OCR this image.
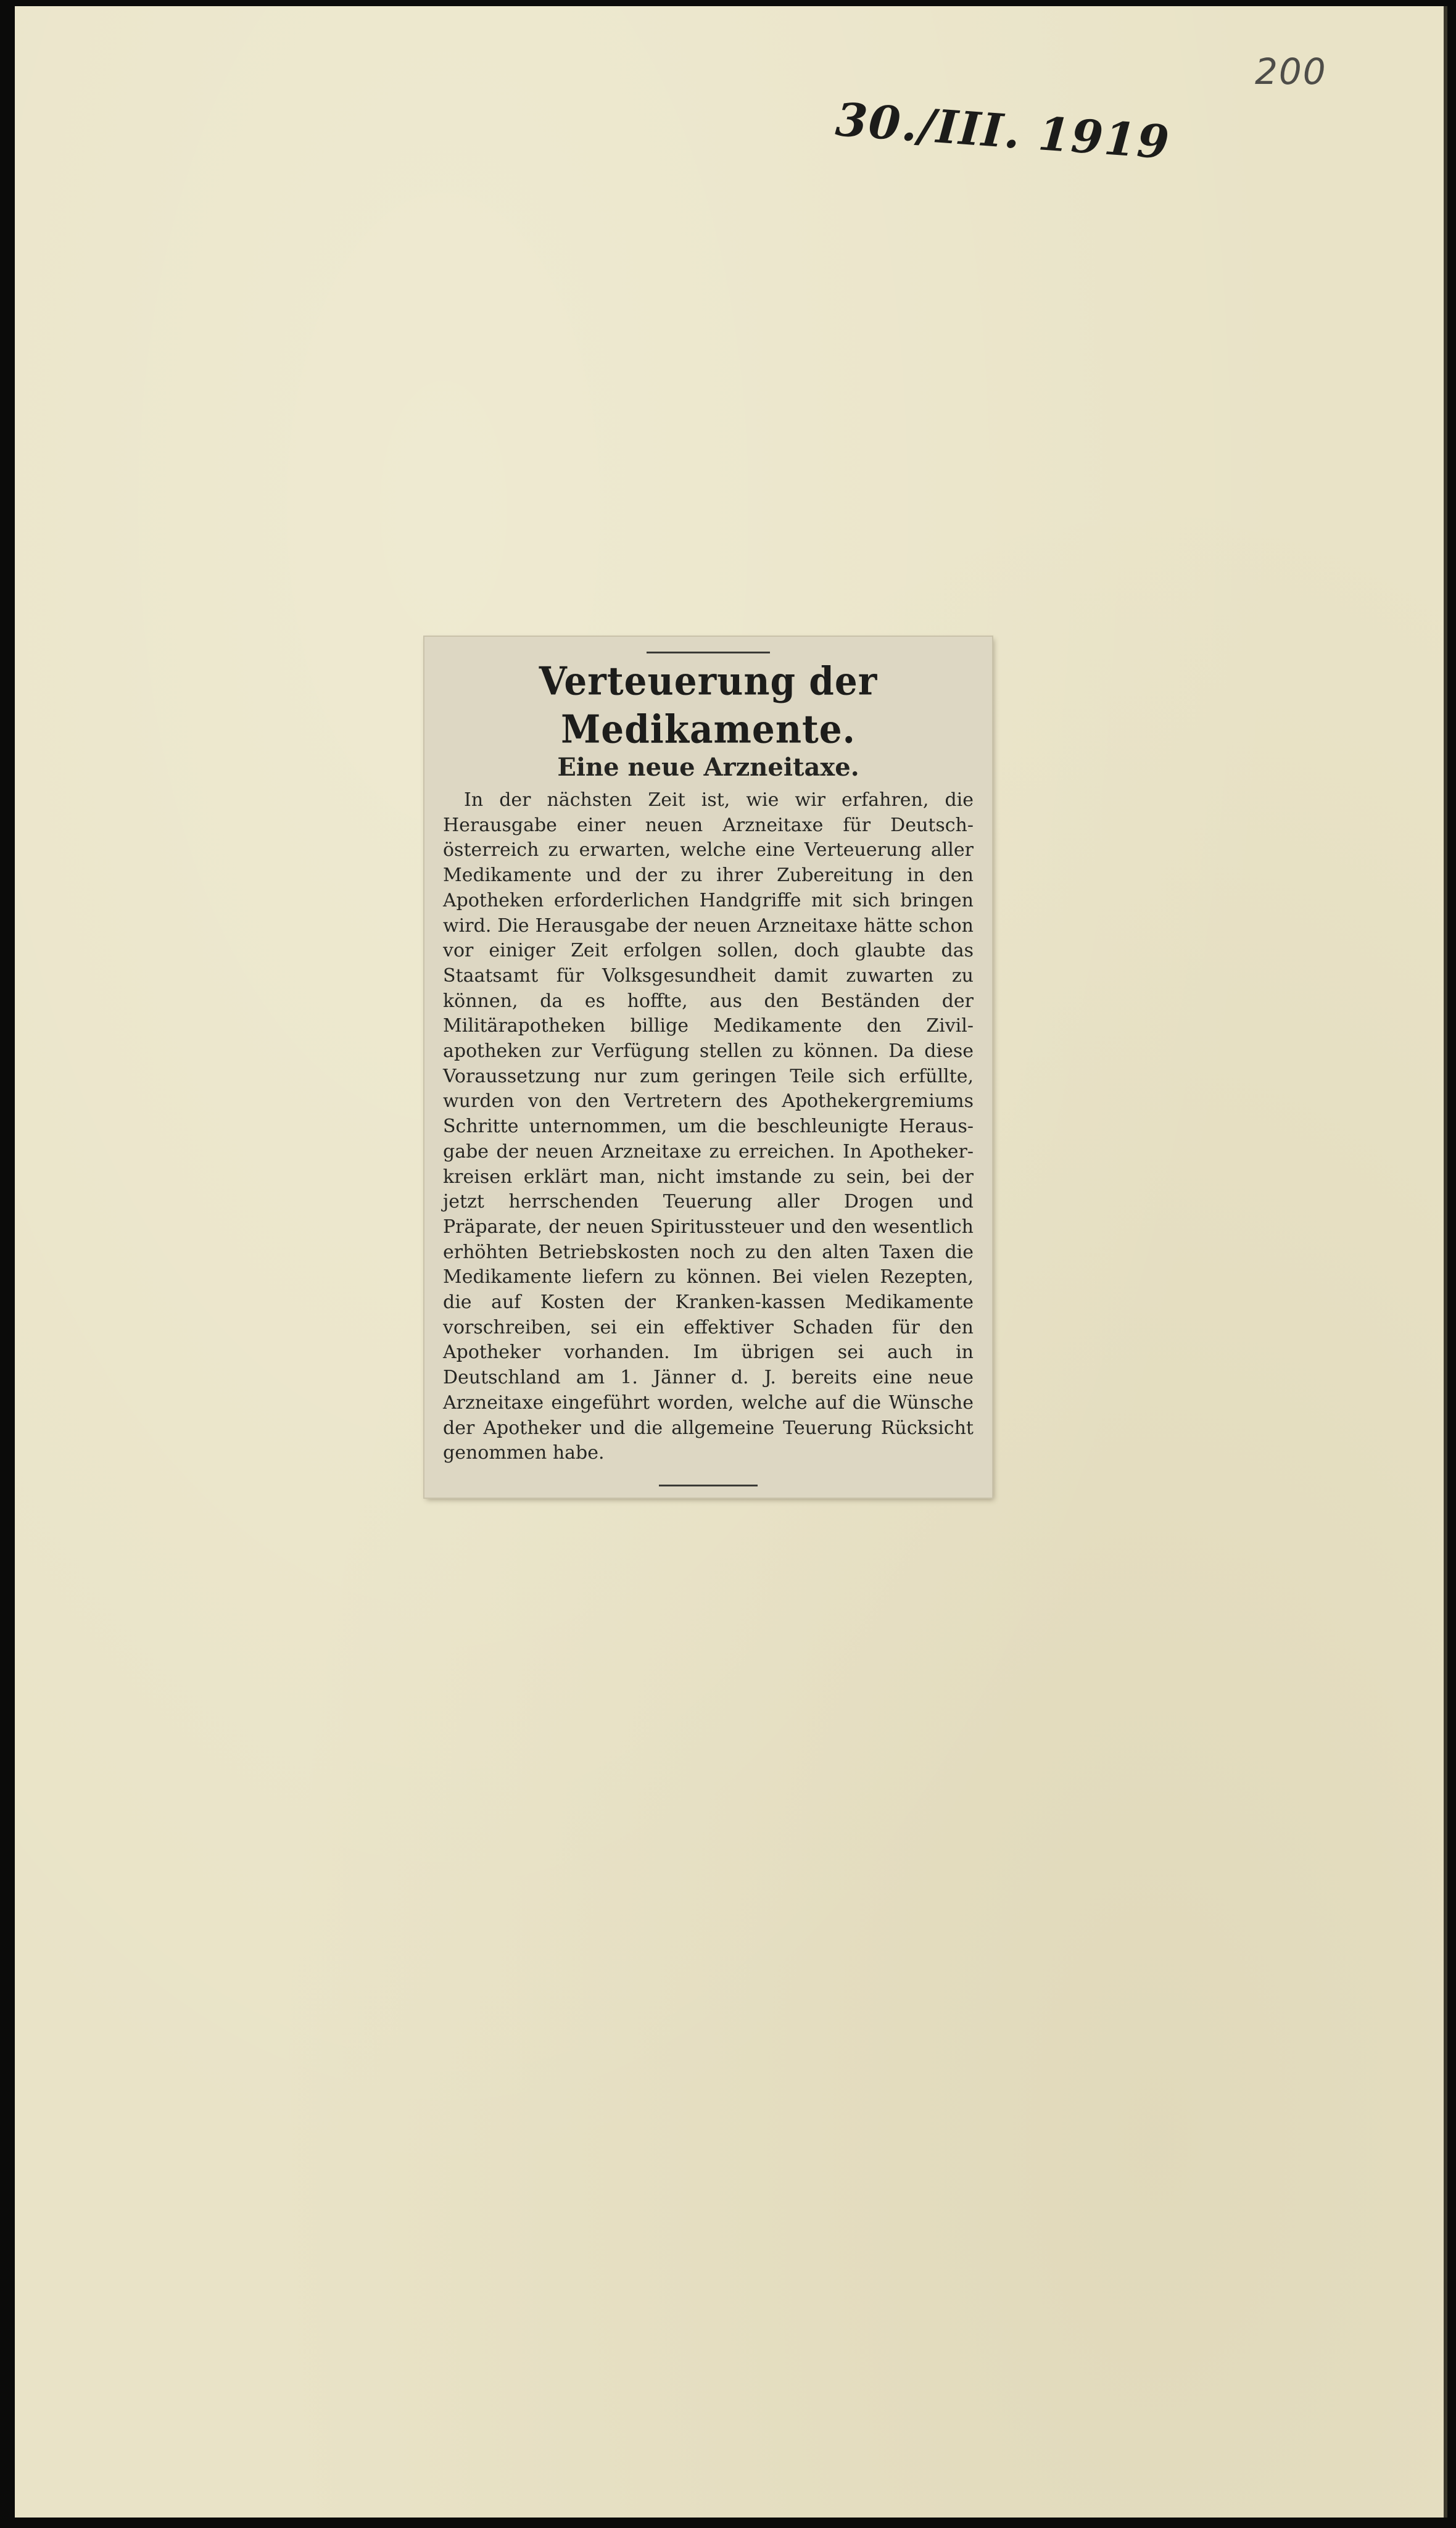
200

30./III. 1919

Verteuerung der Medikamente.
Eine neue Arzneitaxe.

In der nächsten Zeit ist, wie wir erfahren, die Herausgabe einer neuen Arzneitaxe für Deutsch-österreich zu erwarten, welche eine Verteuerung aller Medikamente und der zu ihrer Zubereitung in den Apotheken erforderlichen Handgriffe mit sich bringen wird. Die Herausgabe der neuen Arzneitaxe hätte schon vor einiger Zeit erfolgen sollen, doch glaubte das Staatsamt für Volksgesundheit damit zuwarten zu können, da es hoffte, aus den Beständen der Militärapotheken billige Medikamente den Zivil-apotheken zur Verfügung stellen zu können. Da diese Voraussetzung nur zum geringen Teile sich erfüllte, wurden von den Vertretern des Apothekergremiums Schritte unternommen, um die beschleunigte Heraus-gabe der neuen Arzneitaxe zu erreichen. In Apotheker-kreisen erklärt man, nicht imstande zu sein, bei der jetzt herrschenden Teuerung aller Drogen und Präparate, der neuen Spiritussteuer und den wesentlich erhöhten Betriebskosten noch zu den alten Taxen die Medikamente liefern zu können. Bei vielen Rezepten, die auf Kosten der Kranken-kassen Medikamente vorschreiben, sei ein effektiver Schaden für den Apotheker vorhanden. Im übrigen sei auch in Deutschland am 1. Jänner d. J. bereits eine neue Arzneitaxe eingeführt worden, welche auf die Wünsche der Apotheker und die allgemeine Teuerung Rücksicht genommen habe.
